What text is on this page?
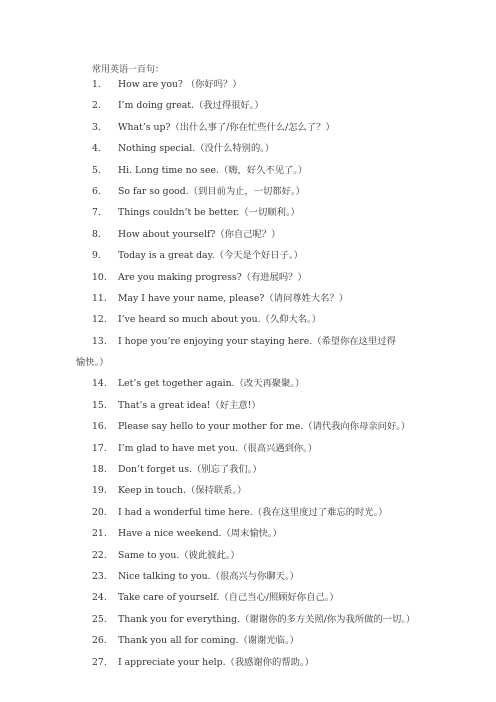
常用英语一百句：
1. How are you? （你好吗？）
2. I’m doing great.（我过得很好。）
3. What’s up?（出什么事了/你在忙些什么/怎么了？）
4. Nothing special.（没什么特别的。）
5. Hi. Long time no see.（嗨，好久不见了。）
6. So far so good.（到目前为止，一切都好。）
7. Things couldn’t be better.（一切顺利。）
8. How about yourself?（你自己呢？）
9. Today is a great day.（今天是个好日子。）
10. Are you making progress?（有进展吗？）
11. May I have your name, please?（请问尊姓大名？）
12. I’ve heard so much about you.（久仰大名。）
13. I hope you’re enjoying your staying here.（希望你在这里过得
愉快。）
14. Let’s get together again.（改天再聚聚。）
15. That’s a great idea!（好主意!）
16. Please say hello to your mother for me.（请代我向你母亲问好。）
17. I’m glad to have met you.（很高兴遇到你。）
18. Don’t forget us.（别忘了我们。）
19. Keep in touch.（保持联系。）
20. I had a wonderful time here.（我在这里度过了难忘的时光。）
21. Have a nice weekend.（周末愉快。）
22. Same to you.（彼此彼此。）
23. Nice talking to you.（很高兴与你聊天。）
24. Take care of yourself.（自己当心/照顾好你自己。）
25. Thank you for everything.（谢谢你的多方关照/你为我所做的一切。）
26. Thank you all for coming.（谢谢光临。）
27. I appreciate your help.（我感谢你的帮助。）
